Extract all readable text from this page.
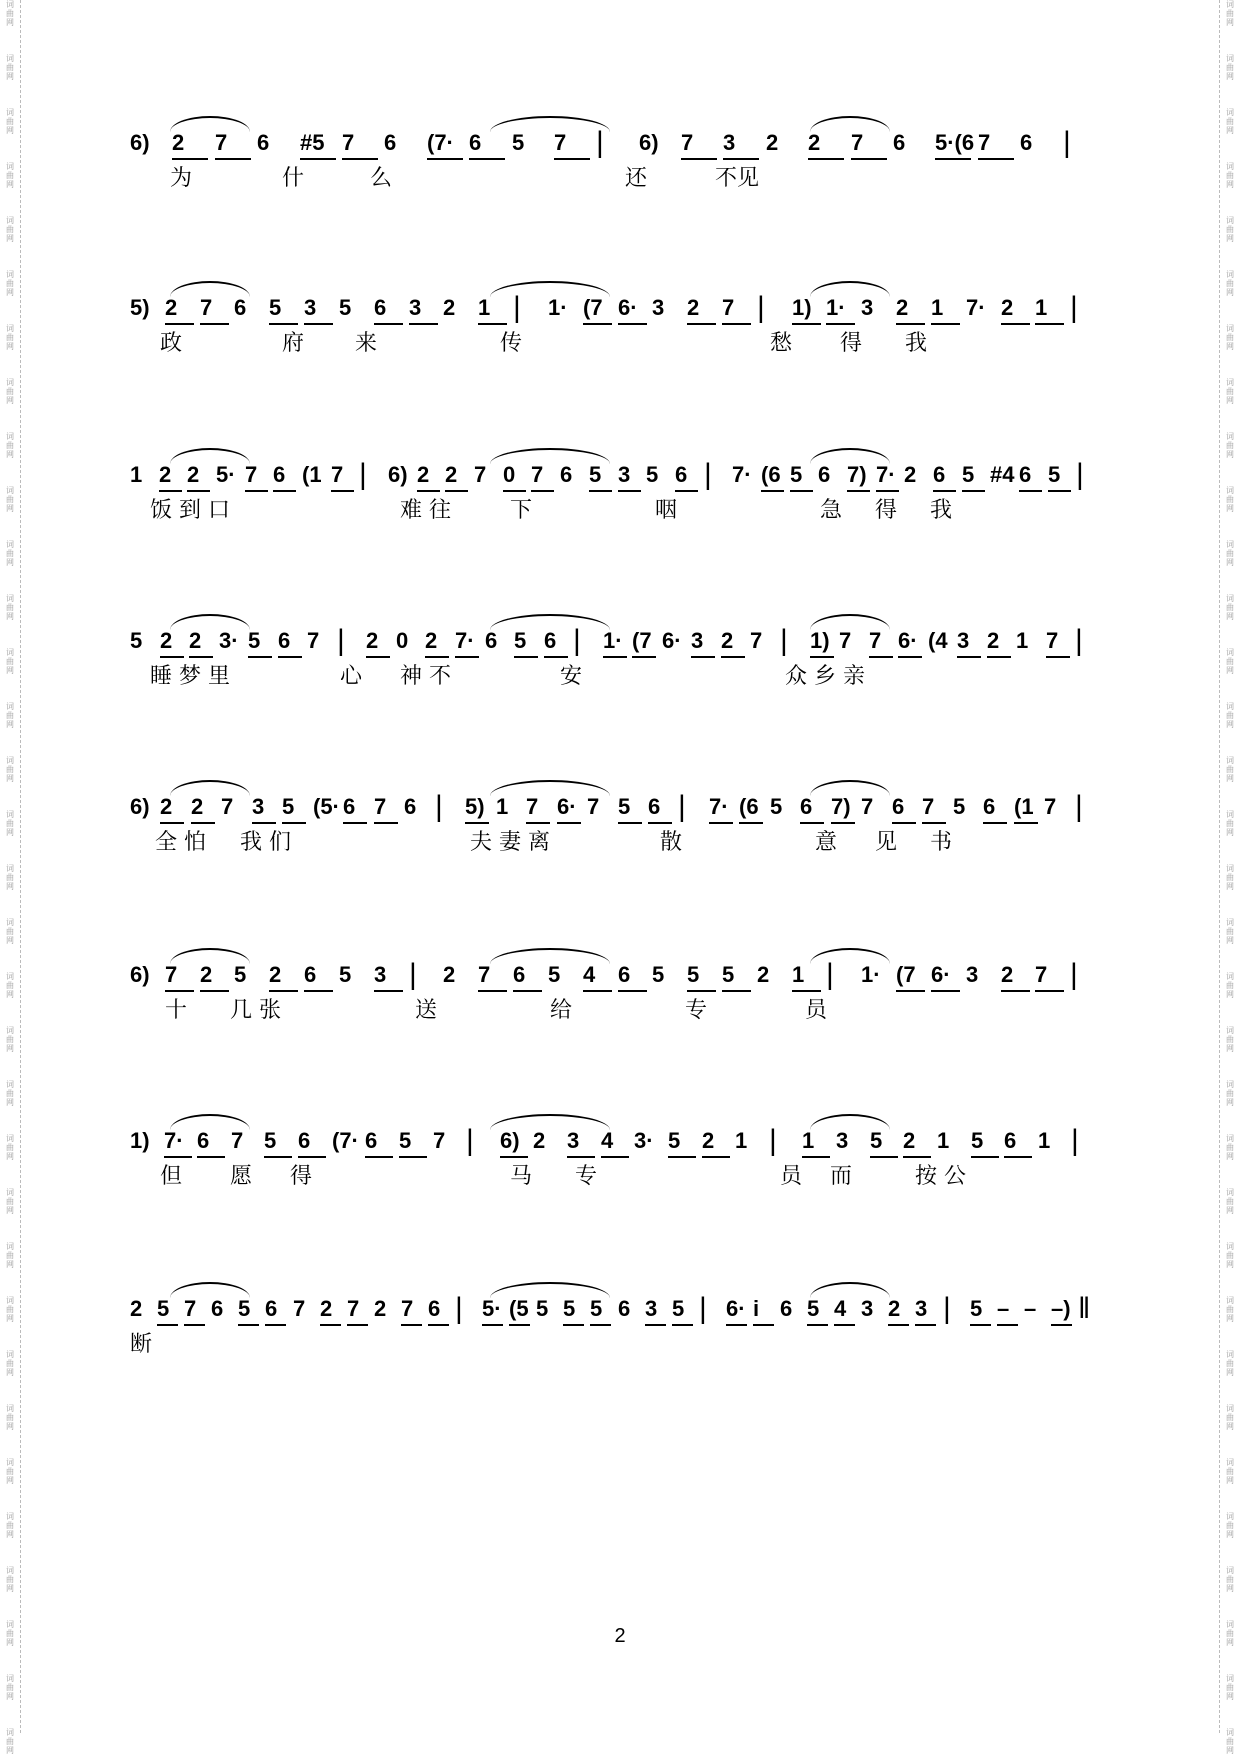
词
曲
网
词
曲
网
词
曲
网
词
曲
网
词
曲
网
词
曲
网
词
曲
网
词
曲
网
词
曲
网
词
曲
网
词
曲
网
词
曲
网
词
曲
网
词
曲
网
词
曲
网
词
曲
网
词
曲
网
词
曲
网
词
曲
网
词
曲
网
词
曲
网
词
曲
网
词
曲
网
词
曲
网
词
曲
网
词
曲
网
词
曲
网
词
曲
网
词
曲
网
词
曲
网
词
曲
网
词
曲
网
词
曲
网
词
曲
网
词
曲
网
词
曲
网
词
曲
网
词
曲
网
词
曲
网
词
曲
网
词
曲
网
词
曲
网
词
曲
网
词
曲
网
词
曲
网
词
曲
网
词
曲
网
词
曲
网
词
曲
网
词
曲
网
词
曲
网
词
曲
网
词
曲
网
词
曲
网
词
曲
网
词
曲
网
词
曲
网
词
曲
网
词
曲
网
词
曲
网
词
曲
网
词
曲
网
词
曲
网
词
曲
网
词
曲
网
词
曲
网
6) 2 7 6 #5 7 6 (7· 6 5 7 | 6) 7 3 2 2 7 6 5·(6 7 6 |
为	什	么	还	不见
5) 2 7 6 5 3 5 6 3 2 1 | 1· (7 6· 3 2 7 | 1) 1· 3 2 1 7· 2 1 |
政	府 来	传	愁 得 我
1 2 2 5· 7 6 (1 7 | 6) 2 2 7 0 7 6 5 3 5 6 | 7· (6 5 6 7) 7· 2 6 5 #4 6 5 |
饭 到 口	难 往	下	咽	急 得 我
5 2 2 3· 5 6 7 | 2 0 2 7· 6 5 6 | 1· (7 6· 3 2 7 | 1) 7 7 6· (4 3 2 1 7 |
睡 梦 里	心 神 不	安	众 乡 亲
6) 2 2 7 3 5 (5· 6 7 6 | 5) 1 7 6· 7 5 6 | 7· (6 5 6 7) 7 6 7 5 6 (1 7 |
全 怕 我 们	夫 妻 离	散	意 见 书
6) 7 2 5 2 6 5 3 | 2 7 6 5 4 6 5 5 5 2 1 | 1· (7 6· 3 2 7 |
十 几 张	送	给	专	员
1) 7· 6 7 5 6 (7· 6 5 7 | 6) 2 3 4 3· 5 2 1 | 1 3 5 2 1 5 6 1 |
但 愿 得	马 专	员	按 公
而
2 5 7 6 5 6 7 2 7 2 7 6 | 5· (5 5 5 5 6 3 5 | 6· i 6 5 4 3 2 3 | 5 – – –) ‖
断
2
